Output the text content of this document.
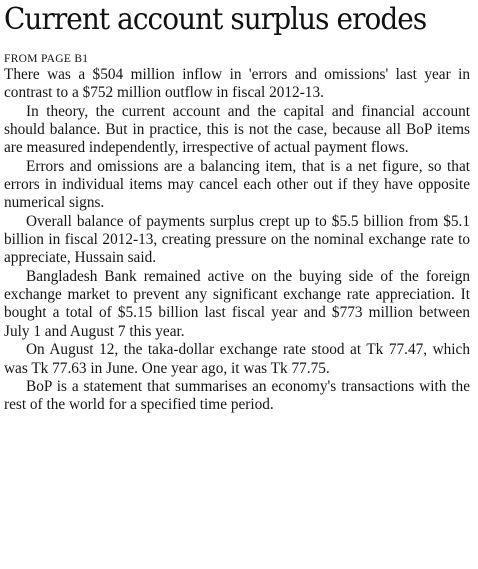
Current account surplus erodes
FROM PAGE B1

There was a $504 million inflow in 'errors and omissions' last year in contrast to a $752 million outflow in fiscal 2012-13.

In theory, the current account and the capital and financial account should balance. But in practice, this is not the case, because all BoP items are measured independently, irrespective of actual payment flows.

Errors and omissions are a balancing item, that is a net figure, so that errors in individual items may cancel each other out if they have opposite numerical signs.

Overall balance of payments surplus crept up to $5.5 billion from $5.1 billion in fiscal 2012-13, creating pressure on the nominal exchange rate to appreciate, Hussain said.

Bangladesh Bank remained active on the buying side of the foreign exchange market to prevent any significant exchange rate appreciation. It bought a total of $5.15 billion last fiscal year and $773 million between July 1 and August 7 this year.

On August 12, the taka-dollar exchange rate stood at Tk 77.47, which was Tk 77.63 in June. One year ago, it was Tk 77.75.

BoP is a statement that summarises an economy's transactions with the rest of the world for a specified time period.
